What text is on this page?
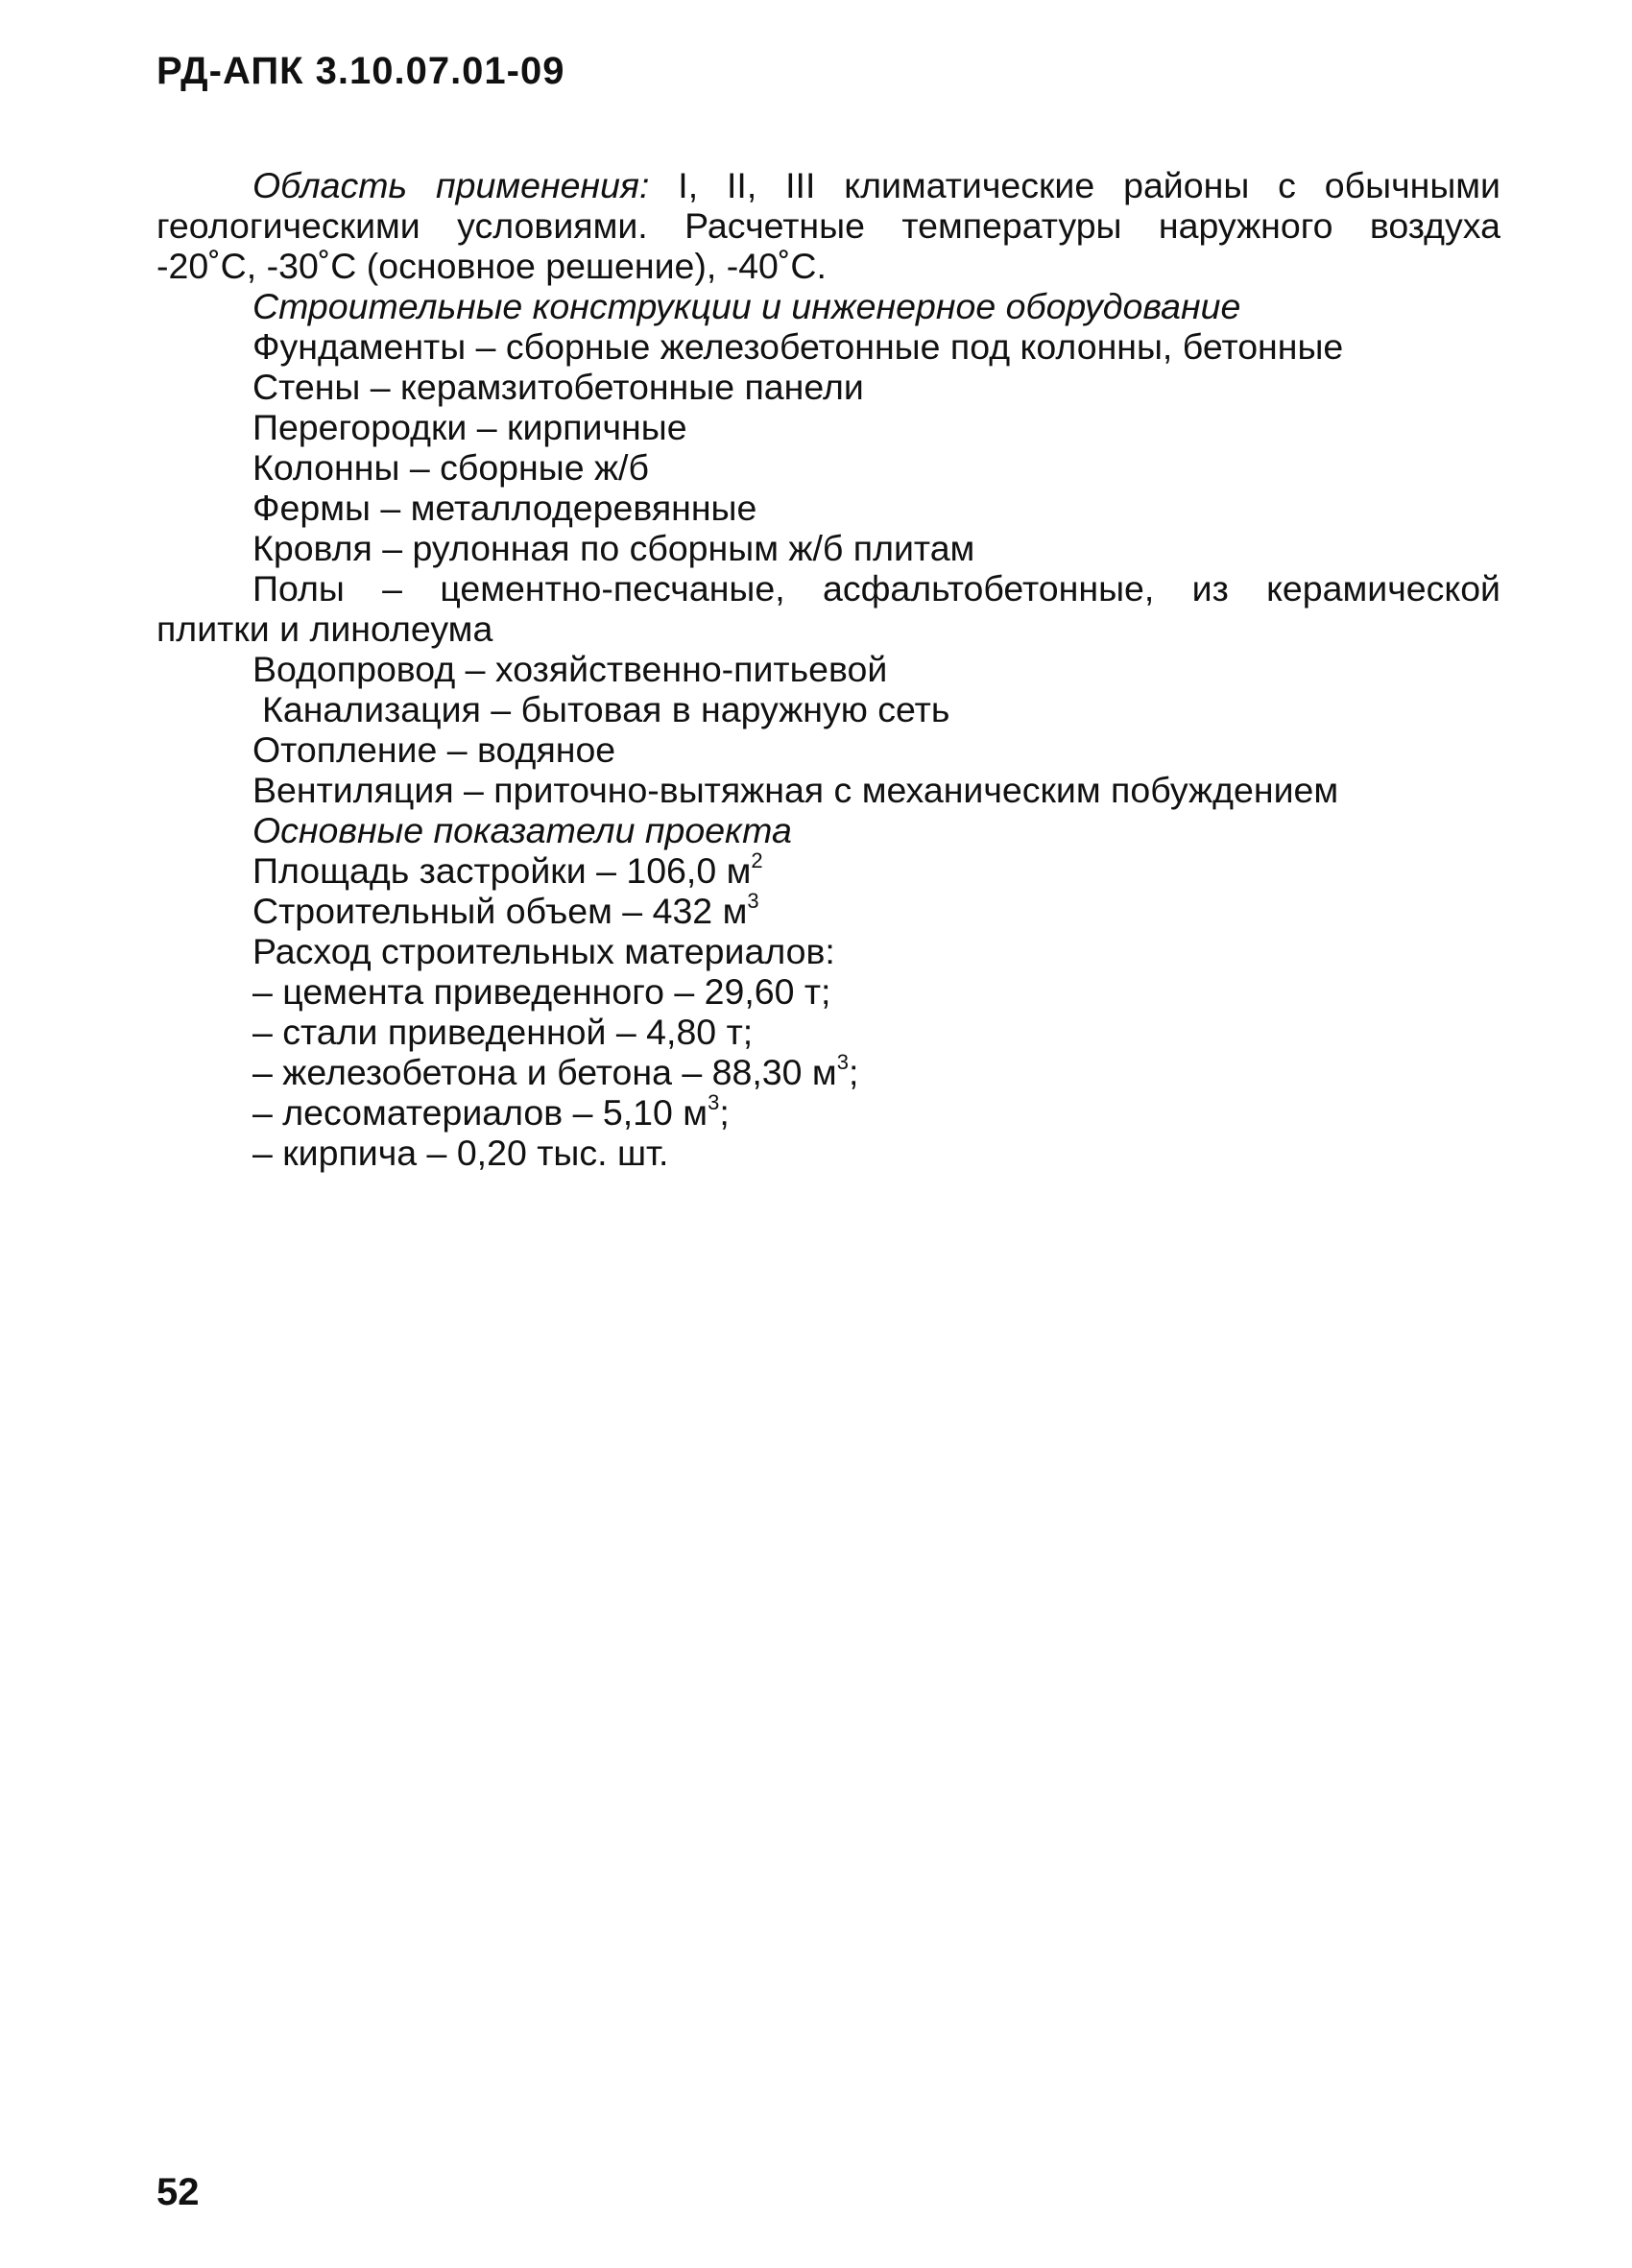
РД-АПК 3.10.07.01-09
Область применения: I, II, III климатические районы с обычными
геологическими условиями. Расчетные температуры наружного воздуха
-20˚С, -30˚С (основное решение), -40˚С.
Строительные конструкции и инженерное оборудование
Фундаменты – сборные железобетонные под колонны, бетонные
Стены – керамзитобетонные панели
Перегородки – кирпичные
Колонны – сборные ж/б
Фермы – металлодеревянные
Кровля – рулонная по сборным ж/б плитам
Полы – цементно-песчаные, асфальтобетонные, из керамической
плитки и линолеума
Водопровод – хозяйственно-питьевой
Канализация – бытовая в наружную сеть
Отопление – водяное
Вентиляция – приточно-вытяжная с механическим побуждением
Основные показатели проекта
Площадь застройки – 106,0 $м^2$
Строительный объем – 432 $м^3$
Расход строительных материалов:
– цемента приведенного – 29,60 т;
– стали приведенной – 4,80 т;
– железобетона и бетона – 88,30 $м^3$;
– лесоматериалов – 5,10 $м^3$;
– кирпича – 0,20 тыс. шт.
52
